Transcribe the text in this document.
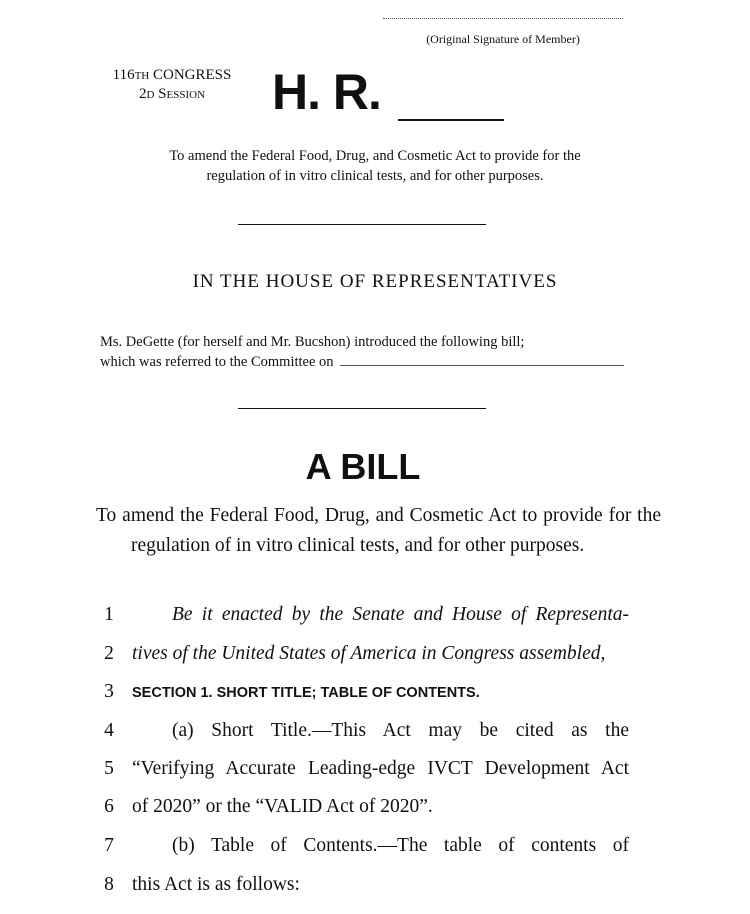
(Original Signature of Member)
116th CONGRESS
2d Session	H. R.
To amend the Federal Food, Drug, and Cosmetic Act to provide for the
regulation of in vitro clinical tests, and for other purposes.
IN THE HOUSE OF REPRESENTATIVES
Ms. DeGette (for herself and Mr. Bucshon) introduced the following bill;
which was referred to the Committee on
A BILL
To amend the Federal Food, Drug, and Cosmetic Act to provide for the regulation of in vitro clinical tests, and for other purposes.
1	Be it enacted by the Senate and House of Representa-
2 tives of the United States of America in Congress assembled,
3	SECTION 1. SHORT TITLE; TABLE OF CONTENTS.
4	(a) Short Title.—This Act may be cited as the
5 “Verifying Accurate Leading-edge IVCT Development Act
6 of 2020” or the “VALID Act of 2020”.
7	(b) Table of Contents.—The table of contents of
8 this Act is as follows:
